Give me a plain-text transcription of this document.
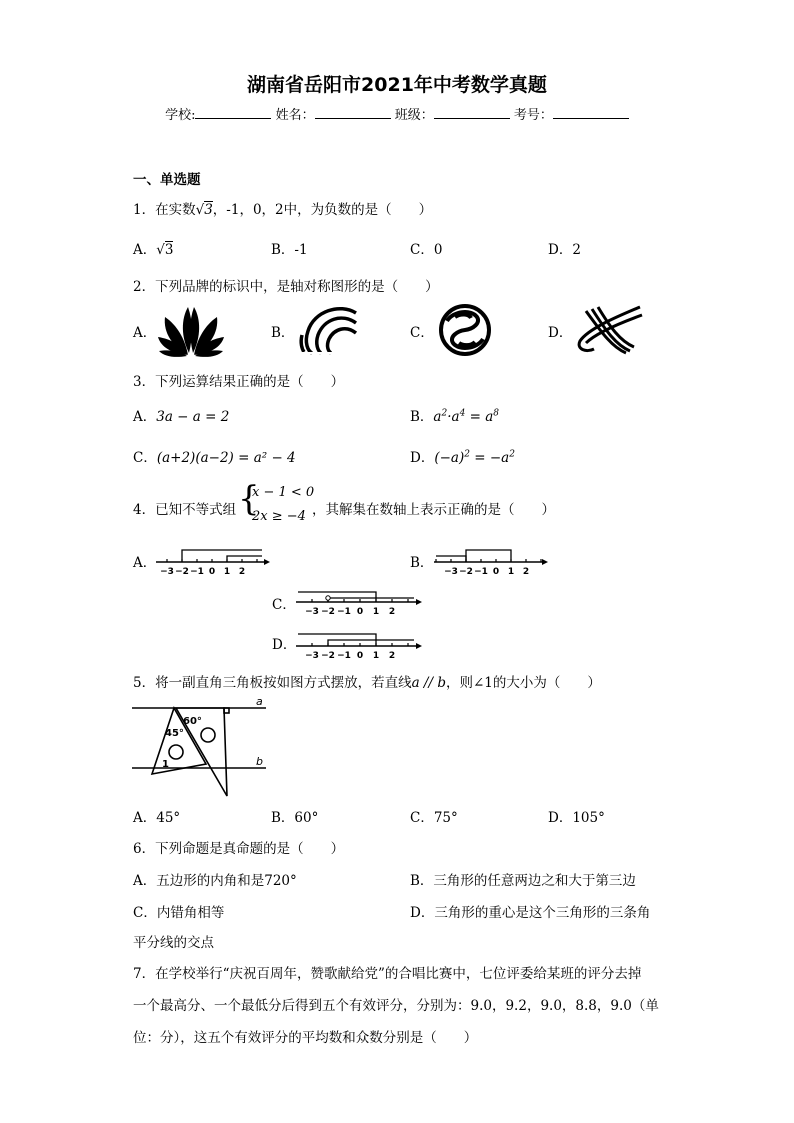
湖南省岳阳市2021年中考数学真题
学校:	姓名：	班级：	考号：
一、单选题
1．在实数√3，-1，0，2中，为负数的是（　　）
A．√3	B．-1	C．0	D．2
2．下列品牌的标识中，是轴对称图形的是（　　）
A．	B．	C．	D．
3．下列运算结果正确的是（　　）
A．3a − a = 2	B．$a^2\cdot a^4 = a^8$
C．(a+2)(a−2) = a² − 4	D．$(-a)^2 = -a^2$
4．已知不等式组 {
x − 1 < 0
2x ≥ −4 ，其解集在数轴上表示正确的是（　　）
A．
−3 −2 −1 0 1 2
B．
−3 −2 −1 0 1 2
C． −3 −2 −1 0 1 2
D．
−3 −2 −1 0 1 2
5．将一副直角三角板按如图方式摆放，若直线a // b，则∠1的大小为（　　）
a
b
60°
45°
1
A．45°	B．60°	C．75°	D．105°
6．下列命题是真命题的是（　　）
A．五边形的内角和是720°	B．三角形的任意两边之和大于第三边
C．内错角相等	D．三角形的重心是这个三角形的三条角
平分线的交点
7．在学校举行“庆祝百周年，赞歌献给党”的合唱比赛中，七位评委给某班的评分去掉
一个最高分、一个最低分后得到五个有效评分，分别为：9.0，9.2，9.0，8.8，9.0（单
位：分），这五个有效评分的平均数和众数分别是（　　）
